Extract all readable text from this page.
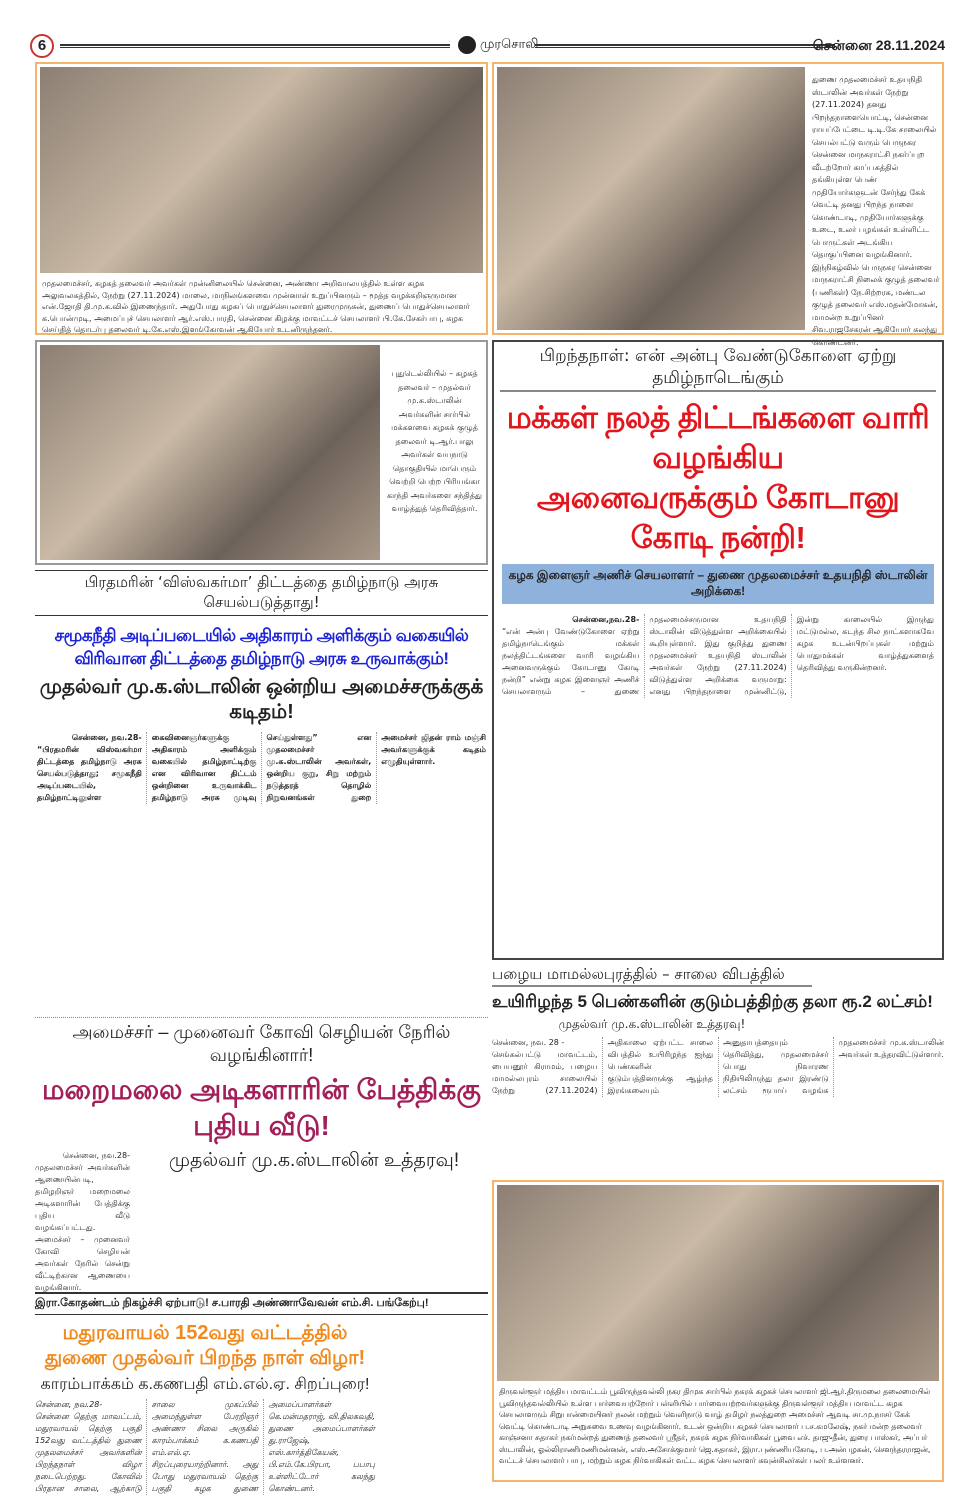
6	முரசொலி	சென்னை 28.11.2024
முதலமைச்சர், கழகத் தலைவர் அவர்கள் முன்னிலையில் சென்னை, அண்ணா அறிவாலயத்தில் உள்ள கழக அலுவலகத்தில், நேற்று (27.11.2024) மாலை, மாநிலங்களவை முன்னாள் உறுப்பினரும் – மூத்த வழக்கறிஞருமான என்.ஜோதி தி.மு.க.வில் இணைந்தார். அதுபோது கழகப் பொதுச்செயலாளர் துரைமுருகன், துணைப் பொதுச்செயலாளர் க.பொன்முடி, அமைப்புச் செயலாளர் ஆர்.எஸ்.பாரதி, சென்னை கிழக்கு மாவட்டச் செயலாளர் பி.கே.சேகர்பாபு, கழக செய்தித் தொடர்பு தலைவர் டி.கே.எஸ்.இளங்கோவன் ஆகியோர் உடனிருந்தனர்.
துணை முதலமைச்சர் உதயநிதி ஸ்டாலின் அவர்கள் நேற்று (27.11.2024) தனது பிறந்தநாளையொட்டி, சென்னை ராயப்பேட்டை டி.டி.கே சாலையில் செயல்பட்டு வரும் பெருநகர சென்னை மாநகராட்சி நகர்ப்புற வீடற்றோர் காப்பகத்தில் தங்கியுள்ள பெண் முதியோர்களுடன் சேர்ந்து கேக் வெட்டி தனது பிறந்த நாளை கொண்டாடி, முதியோர்களுக்கு உடை, உலர் பழங்கள் உள்ளிட்ட பொருட்கள் அடங்கிய தொகுப்பினை வழங்கினார். இந்நிகழ்வில் பெருநகர சென்னை மாநகராட்சி நிலைக் குழுத் தலைவர் (பணிகள்) நே.சிற்றரசு, மண்டல குழுத் தலைவர் எஸ்.மதன்மோகன், மாமன்ற உறுப்பினர் சிவ.ராஜசேகரன் ஆகியோர் கலந்து கொண்டனர்.
புதுடெல்லியில் – கழகத் தலைவர் – முதல்வர் மு.க.ஸ்டாலின் அவர்களின் சார்பில் மக்களவை கழகக் குழுத் தலைவர் டி.ஆர்.பாலு அவர்கள் வயநாடு தொகுதியில் மாபெரும் வெற்றி பெற்ற பிரியங்கா காந்தி அவர்களை சந்தித்து வாழ்த்துத் தெரிவித்தார்.
பிறந்தநாள்: என் அன்பு வேண்டுகோளை ஏற்று தமிழ்நாடெங்கும்
மக்கள் நலத் திட்டங்களை வாரி வழங்கிய
அனைவருக்கும் கோடானு கோடி நன்றி!
கழக இளைஞர் அணிச் செயலாளர் – துணை முதலமைச்சர் உதயநிதி ஸ்டாலின் அறிக்கை!
சென்னை,நவ.28-
“என் அன்பு வேண்டுகோளை ஏற்று தமிழ்நாடெங்கும் மக்கள் நலத்திட்டங்களை வாரி வழங்கிய அனைவருக்கும் கோடானு கோடி நன்றி” என்று கழக இளைஞர் அணிச் செயலாளரும் – துணை முதலமைச்சருமான உதயநிதி ஸ்டாலின் விடுத்துள்ள அறிக்கையில் கூறியுள்ளார். இது குறித்து துணை முதலமைச்சர் உதயநிதி ஸ்டாலின் அவர்கள் நேற்று (27.11.2024) விடுத்துள்ள அறிக்கை வருமாறு: எனது பிறந்தநாளை முன்னிட்டு, இன்று காலையில் இருந்து மட்டுமல்ல, கடந்த சில நாட்களாகவே கழக உடன்பிறப்புகள் மற்றும் பொதுமக்கள் வாழ்த்துகளைத் தெரிவித்து வருகின்றனர்.
பிரதமரின் ‘விஸ்வகர்மா’ திட்டத்தை தமிழ்நாடு அரசு செயல்படுத்தாது!
சமூகநீதி அடிப்படையில் அதிகாரம் அளிக்கும் வகையில் விரிவான திட்டத்தை தமிழ்நாடு அரசு உருவாக்கும்!
முதல்வர் மு.க.ஸ்டாலின் ஒன்றிய அமைச்சருக்குக் கடிதம்!
சென்னை, நவ.28-
“பிரதமரின் விஸ்வகர்மா திட்டத்தை தமிழ்நாடு அரசு செயல்படுத்தாது; சமூகநீதி அடிப்படையில், தமிழ்நாட்டிலுள்ள கைவினைஞர்களுக்கு அதிகாரம் அளிக்கும் வகையில் தமிழ்நாட்டிற்கு என விரிவான திட்டம் ஒன்றினை உருவாக்கிட தமிழ்நாடு அரசு முடிவு செய்துள்ளது” என முதலமைச்சர் மு.க.ஸ்டாலின் அவர்கள், ஒன்றிய குறு, சிறு மற்றும் நடுத்தரத் தொழில் நிறுவனங்கள் துறை அமைச்சர் ஜிதன் ராம் மஞ்சி அவர்களுக்குக் கடிதம் எழுதியுள்ளார்.
அமைச்சர் – முனைவர் கோவி செழியன் நேரில் வழங்கினார்!
மறைமலை அடிகளாரின் பேத்திக்கு புதிய வீடு!
சென்னை, நவ.28-
முதலமைச்சர் அவர்களின் ஆணையின்படி, தமிழறிஞர் மறைமலை அடிகளாரின் பேத்திக்கு புதிய வீடு வழங்கப்பட்டது. அமைச்சர் – முனைவர் கோவி செழியன் அவர்கள் நேரில் சென்று வீட்டிற்கான ஆணையை வழங்கினார்.
முதல்வர் மு.க.ஸ்டாலின் உத்தரவு!
இரா.கோதண்டம் நிகழ்ச்சி ஏற்பாடு! ச.பாரதி அண்ணாவேவன் எம்.சி. பங்கேற்பு!
மதுரவாயல் 152வது வட்டத்தில் துணை முதல்வர் பிறந்த நாள் விழா!
காரம்பாக்கம் க.கணபதி எம்.எல்.ஏ. சிறப்புரை!
சென்னை, நவ.28-
சென்னை தெற்கு மாவட்டம், மதுரவாயல் தெற்கு பகுதி 152வது வட்டத்தில் துணை முதலமைச்சர் அவர்களின் பிறந்தநாள் விழா நடைபெற்றது. கோவில் பிரதான சாலை, ஆற்காடு சாலை முகப்பில் அமைந்துள்ள பேரறிஞர் அண்ணா சிலை அருகில் காரம்பாக்கம் க.கணபதி எம்.எல்.ஏ. சிறப்புரையாற்றினார். அது போது மதுரவாயல் தெற்கு பகுதி கழக துணை அமைப்பாளர்கள் கெ.மன்மதராஜ், வி.திலகவதி, துணை அமைப்பாளர்கள் து.ராஜேஷ், எஸ்.கார்த்திகேயன், பி.எம்.கே.பிரபா, பபாபு உள்ளிட்டோர் கலந்து கொண்டனர்.
பழைய மாமல்லபுரத்தில் – சாலை விபத்தில்
உயிரிழந்த 5 பெண்களின் குடும்பத்திற்கு தலா ரூ.2 லட்சம்!
முதல்வர் மு.க.ஸ்டாலின் உத்தரவு!
சென்னை, நவ. 28 -
செங்கல்பட்டு மாவட்டம், பையனூர் கிராமம், பழைய மாமல்லபுரம் சாலையில் நேற்று (27.11.2024) அதிகாலை ஏற்பட்ட சாலை விபத்தில் உயிரிழந்த ஐந்து பெண்களின் குடும்பத்தினருக்கு ஆழ்ந்த இரங்கலையும் அனுதாபத்தையும் தெரிவித்து, முதலமைச்சர் பொது நிவாரண நிதியிலிருந்து தலா இரண்டு லட்சம் ரூபாய் வழங்க முதலமைச்சர் மு.க.ஸ்டாலின் அவர்கள் உத்தரவிட்டுள்ளார்.
திருவள்ளூர் மத்திய மாவட்டம் பூவிருந்தவல்லி நகர திமுக சார்பில் நகரக் கழகச் செயலாளர் ஜி.ஆர்.திருமலை தலைமையில் பூவிருந்தவல்லியில் உள்ள பார்வையற்றோர் பள்ளியில் பார்வையற்றவர்களுக்கு திருவள்ளூர் மத்திய மாவட்ட கழக செயலாளரும் சிறுபான்மையினர் நலன் மற்றும் வெளிநாடு வாழ் தமிழர் நலத்துறை அமைச்சர் ஆவடி சா.மு.நாசர் கேக் வெட்டி கொண்டாடி அறுசுவை உணவு வழங்கினார். உடன் ஒன்றிய கழகச் செயலாளர் ப.ச.கமலேஷ், நகர் மன்ற தலைவர் காஞ்சனா சுதாகர் நகர்மன்றத் துணைத் தலைவர் ஸ்ரீதர், நகரக் கழக நிர்வாகிகள் பூவை எச். தாஜுதீன், துரை பாஸ்கர், அப்பர் ஸ்டாலின், ஓல்லிராணிமணிமன்னன், எஸ்.அசோக்குமார் ஜெ.சுதாகர், இரா.புண்ணியகோடி, ப.அன்பழகன், சௌந்தரராஜன், வட்டச் செயலாளர் பாபு, மற்றும் கழக நிர்வாகிகள் வட்ட கழக செயலாளர் கவுன்சிலர்கள் பலர் உள்ளனர்.
